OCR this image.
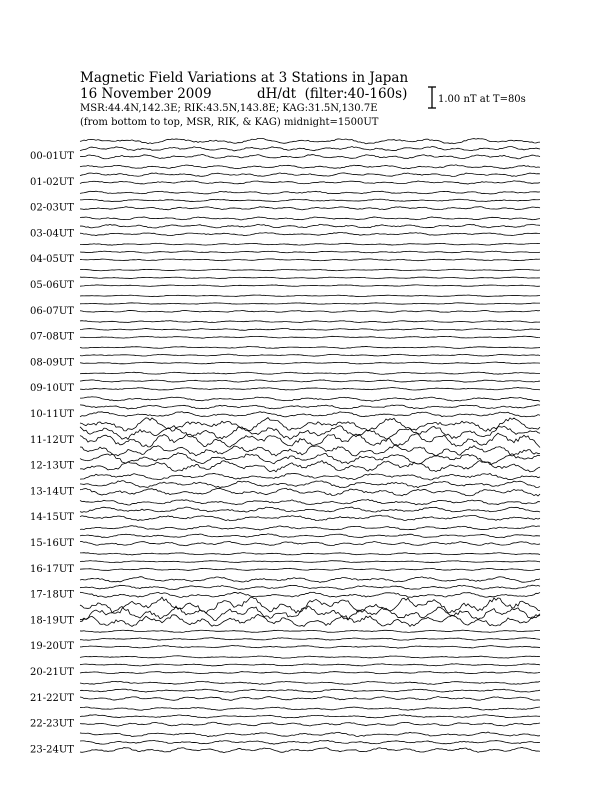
Magnetic Field Variations at 3 Stations in Japan
16 November 2009	dH/dt (filter:40-160s)
MSR:44.4N,142.3E; RIK:43.5N,143.8E; KAG:31.5N,130.7E
(from bottom to top, MSR, RIK, & KAG) midnight=1500UT
1.00 nT at T=80s
00-01UT
01-02UT
02-03UT
03-04UT
04-05UT
05-06UT
06-07UT
07-08UT
08-09UT
09-10UT
10-11UT
11-12UT
12-13UT
13-14UT
14-15UT
15-16UT
16-17UT
17-18UT
18-19UT
19-20UT
20-21UT
21-22UT
22-23UT
23-24UT
